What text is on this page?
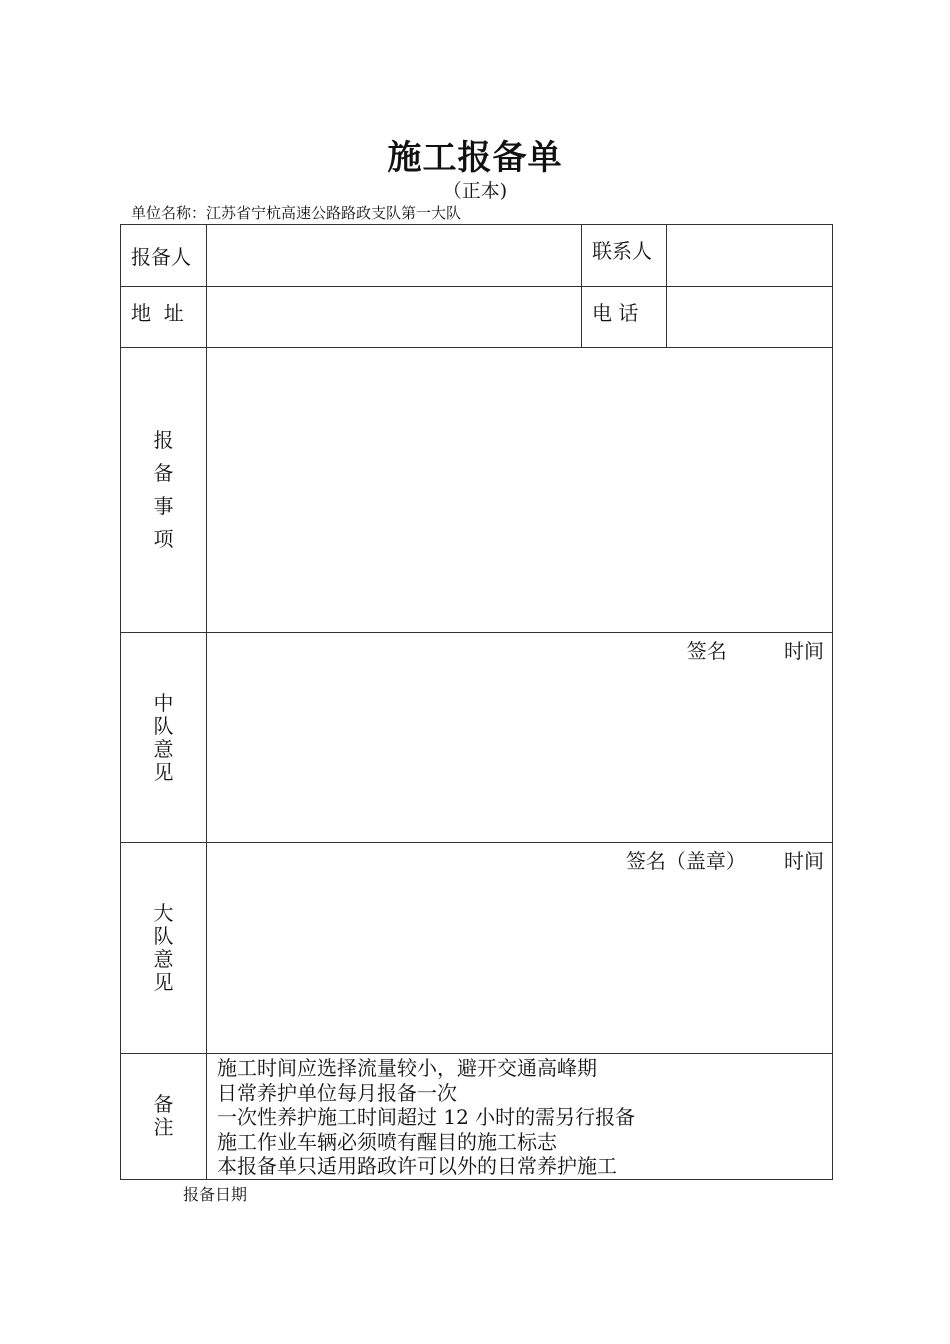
施工报备单
（正本)
单位名称：江苏省宁杭高速公路路政支队第一大队
报备人		联系人	
地  址		电 话	
报备事项			
中队意见	签名         时间		

大队意见	签名（盖章）      时间		

备注	施工时间应选择流量较小，避开交通高峰期
日常养护单位每月报备一次
一次性养护施工时间超过 12 小时的需另行报备
施工作业车辆必须喷有醒目的施工标志
本报备单只适用路政许可以外的日常养护施工		
报备日期
